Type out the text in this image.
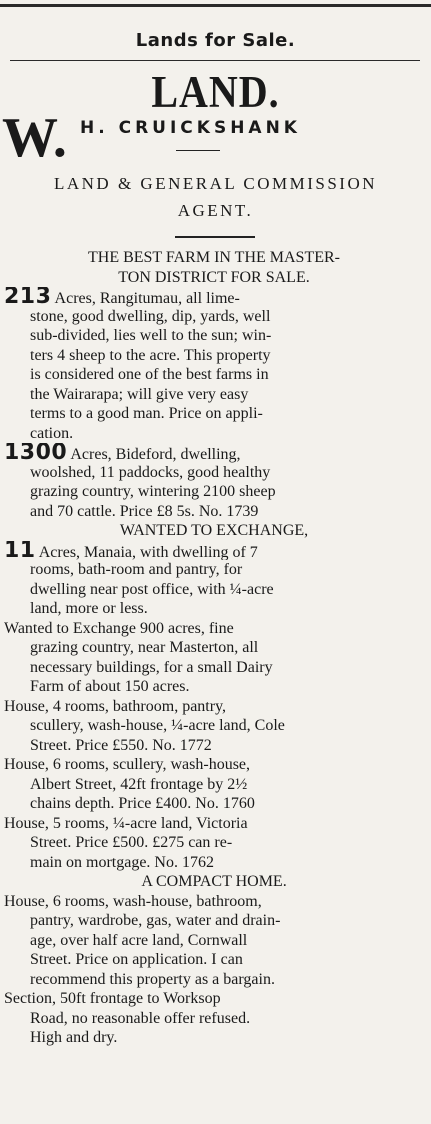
Lands for Sale.
LAND.
W. H. CRUICKSHANK
LAND & GENERAL COMMISSION
AGENT.
THE BEST FARM IN THE MASTER-
TON DISTRICT FOR SALE.
213 Acres, Rangitumau, all lime-
stone, good dwelling, dip, yards, well
sub-divided, lies well to the sun; win-
ters 4 sheep to the acre. This property
is considered one of the best farms in
the Wairarapa; will give very easy
terms to a good man. Price on appli-
cation.
1300 Acres, Bideford, dwelling,
woolshed, 11 paddocks, good healthy
grazing country, wintering 2100 sheep
and 70 cattle. Price £8 5s. No. 1739
WANTED TO EXCHANGE,
11 Acres, Manaia, with dwelling of 7
rooms, bath-room and pantry, for
dwelling near post office, with ¼-acre
land, more or less.
Wanted to Exchange 900 acres, fine
grazing country, near Masterton, all
necessary buildings, for a small Dairy
Farm of about 150 acres.
House, 4 rooms, bathroom, pantry,
scullery, wash-house, ¼-acre land, Cole
Street. Price £550. No. 1772
House, 6 rooms, scullery, wash-house,
Albert Street, 42ft frontage by 2½
chains depth. Price £400. No. 1760
House, 5 rooms, ¼-acre land, Victoria
Street. Price £500. £275 can re-
main on mortgage. No. 1762
A COMPACT HOME.
House, 6 rooms, wash-house, bathroom,
pantry, wardrobe, gas, water and drain-
age, over half acre land, Cornwall
Street. Price on application. I can
recommend this property as a bargain.
Section, 50ft frontage to Worksop
Road, no reasonable offer refused.
High and dry.
